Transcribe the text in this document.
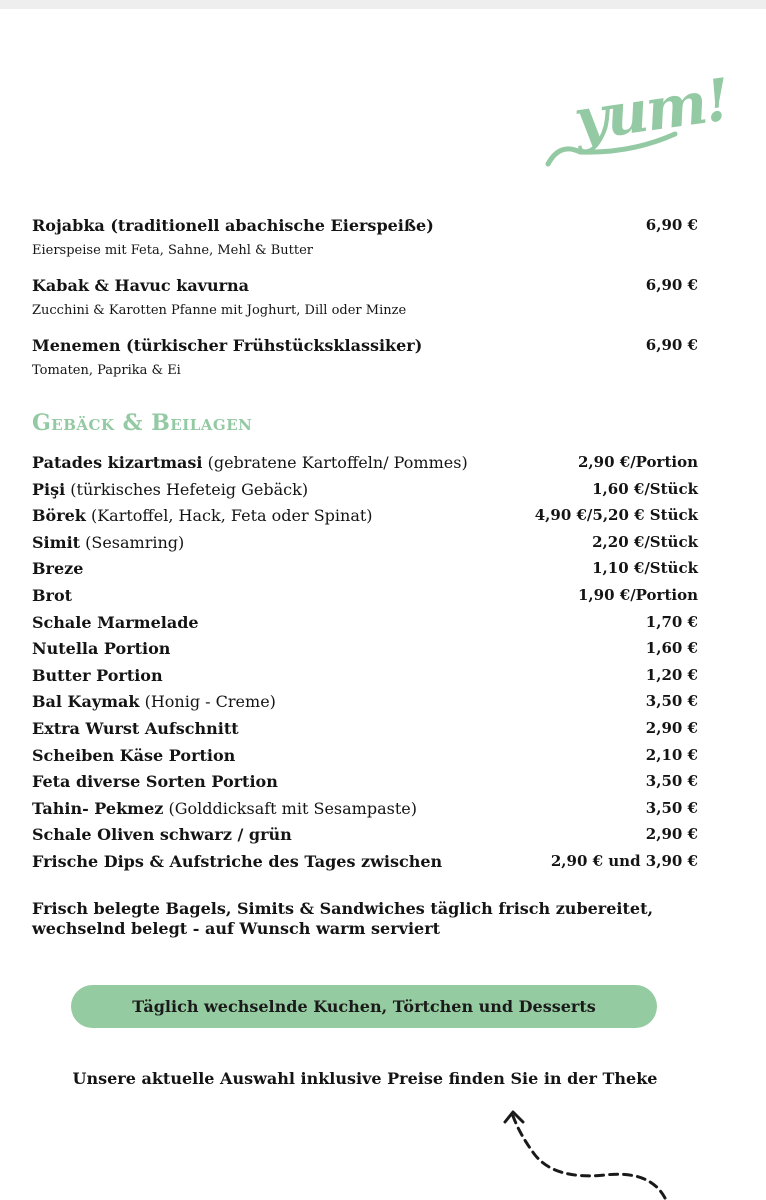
yum!
Rojabka (traditionell abachische Eierspeiße)	6,90 €
Eierspeise mit Feta, Sahne, Mehl & Butter
Kabak & Havuc kavurna	6,90 €
Zucchini & Karotten Pfanne mit Joghurt, Dill oder Minze
Menemen (türkischer Frühstücksklassiker)	6,90 €
Tomaten, Paprika & Ei
Gebäck & Beilagen
Patades kizartmasi (gebratene Kartoffeln/ Pommes)	2,90 €/Portion
Pişi (türkisches Hefeteig Gebäck)	1,60 €/Stück
Börek (Kartoffel, Hack, Feta oder Spinat)	4,90 €/5,20 € Stück
Simit (Sesamring)	2,20 €/Stück
Breze	1,10 €/Stück
Brot	1,90 €/Portion
Schale Marmelade	1,70 €
Nutella Portion	1,60 €
Butter Portion	1,20 €
Bal Kaymak (Honig - Creme)	3,50 €
Extra Wurst Aufschnitt	2,90 €
Scheiben Käse Portion	2,10 €
Feta diverse Sorten Portion	3,50 €
Tahin- Pekmez (Golddicksaft mit Sesampaste)	3,50 €
Schale Oliven schwarz / grün	2,90 €
Frische Dips & Aufstriche des Tages zwischen	2,90 € und 3,90 €
Frisch belegte Bagels, Simits & Sandwiches täglich frisch zubereitet,
wechselnd belegt - auf Wunsch warm serviert
Täglich wechselnde Kuchen, Törtchen und Desserts
Unsere aktuelle Auswahl inklusive Preise finden Sie in der Theke
